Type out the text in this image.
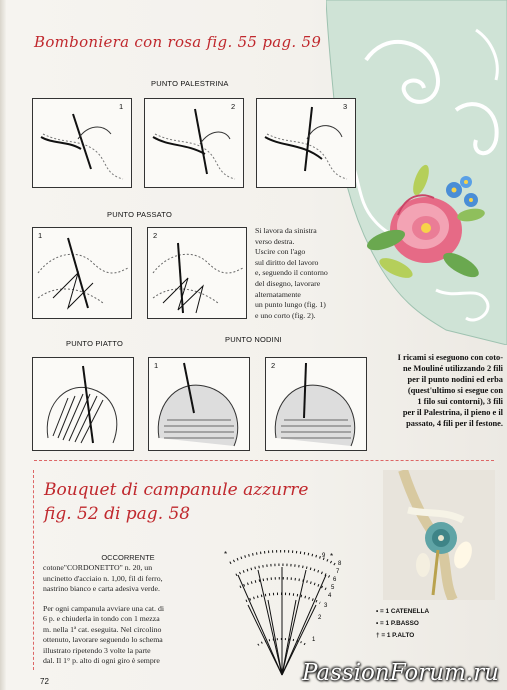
Bomboniera con rosa fig. 55 pag. 59
PUNTO PALESTRINA
1	2	3
PUNTO PASSATO
1	2
Si lavora da sinistra
verso destra.
Uscire con l'ago
sul diritto del lavoro
e, seguendo il contorno
del disegno, lavorare
alternatamente
un punto lungo (fig. 1)
e uno corto (fig. 2).
PUNTO PIATTO	PUNTO NODINI
1	2
I ricami si eseguono con coto-
ne Mouliné utilizzando 2 fili
per il punto nodini ed erba
(quest'ultimo si esegue con
1 filo sui contorni), 3 fili
per il Palestrina, il pieno e il
passato, 4 fili per il festone.
Bouquet di campanule azzurre
fig. 52 di pag. 58
OCCORRENTE
cotone"CORDONETTO" n. 20, un
uncinetto d'acciaio n. 1,00, fil di ferro,
nastrino bianco e carta adesiva verde.
Per ogni campanula avviare una cat. di
6 p. e chiuderla in tondo con 1 mezza
m. nella 1ª cat. eseguita. Nel circolino
ottenuto, lavorare seguendo lo schema
illustrato ripetendo 3 volte la parte
dal. Il 1° p. alto di ogni giro è sempre
*	*
9
8
7
6
5
4
3
2
1
• = 1 CATENELLA
• = 1 P.BASSO
† = 1 P.ALTO
72	PassionForum.ru
